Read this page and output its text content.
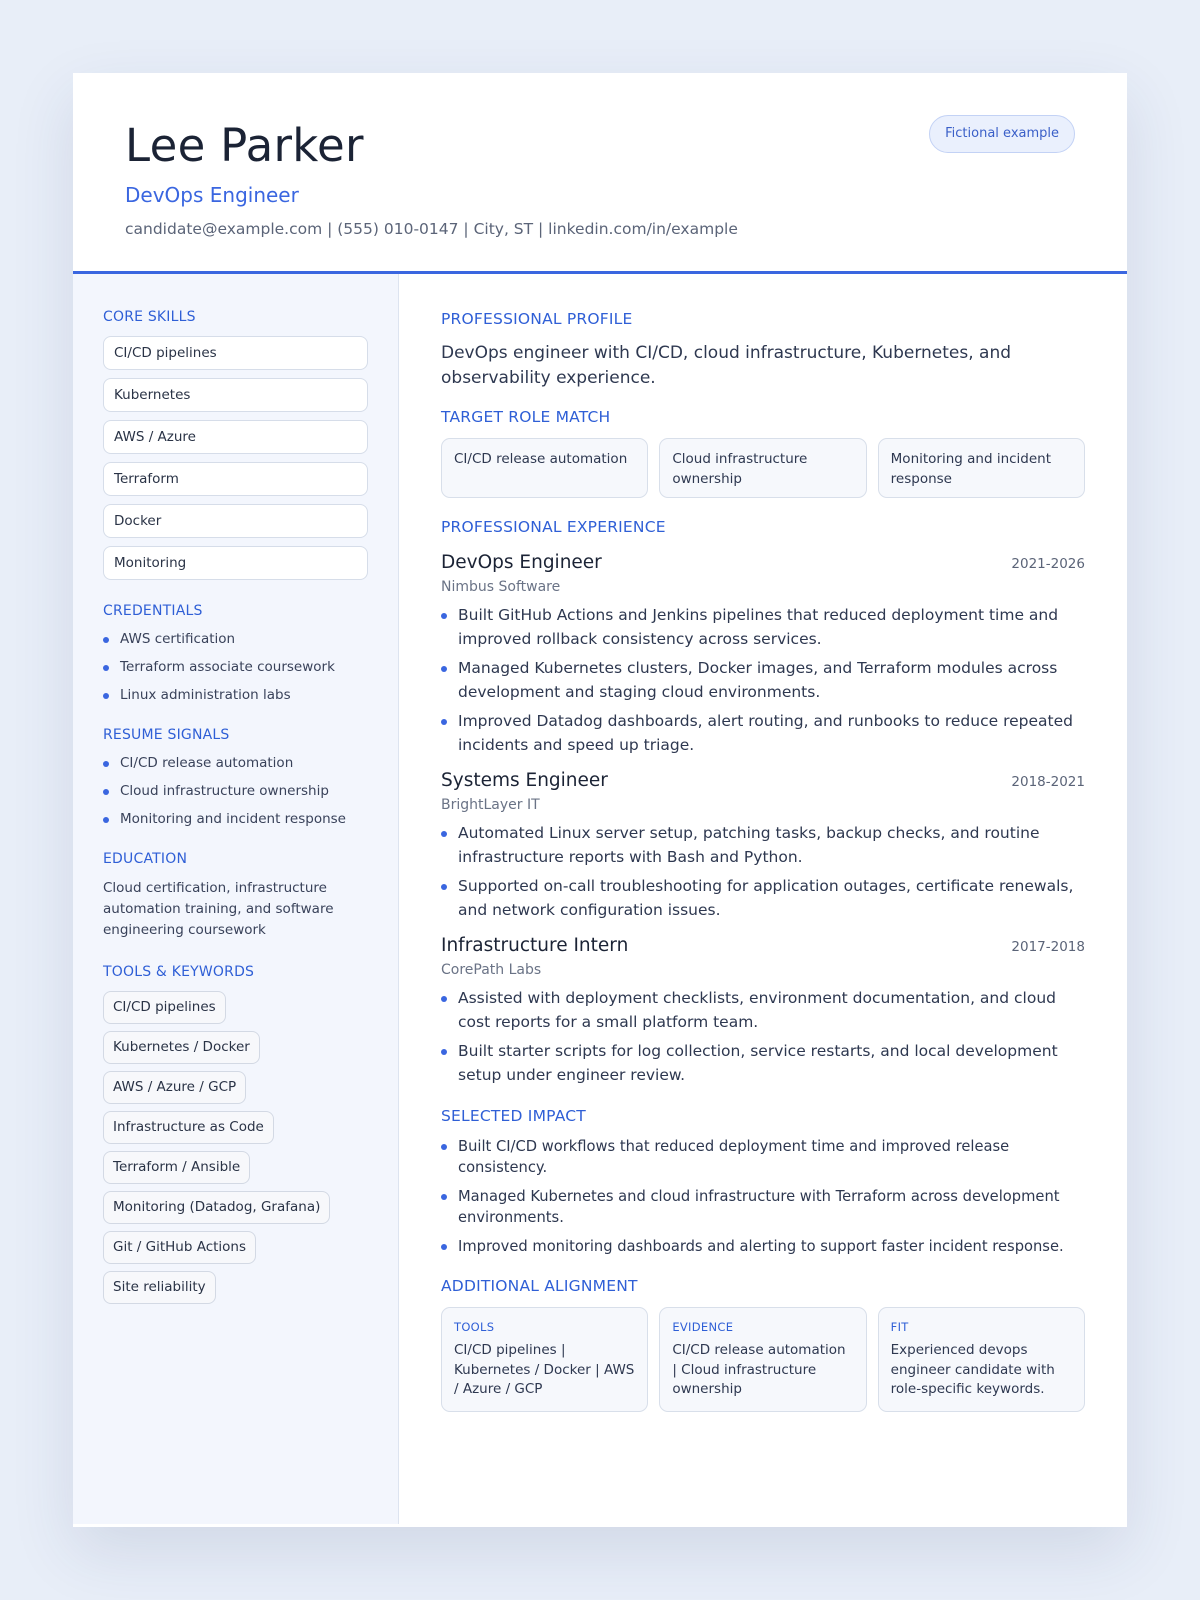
Lee Parker
DevOps Engineer
candidate@example.com | (555) 010-0147 | City, ST | linkedin.com/in/example
Fictional example
CORE SKILLS
CI/CD pipelines
Kubernetes
AWS / Azure
Terraform
Docker
Monitoring
CREDENTIALS
AWS certification
Terraform associate coursework
Linux administration labs
RESUME SIGNALS
CI/CD release automation
Cloud infrastructure ownership
Monitoring and incident response
EDUCATION
Cloud certification, infrastructure automation training, and software engineering coursework
TOOLS & KEYWORDS
CI/CD pipelines
Kubernetes / Docker
AWS / Azure / GCP
Infrastructure as Code
Terraform / Ansible
Monitoring (Datadog, Grafana)
Git / GitHub Actions
Site reliability
PROFESSIONAL PROFILE

DevOps engineer with CI/CD, cloud infrastructure, Kubernetes, and observability experience.

TARGET ROLE MATCH
CI/CD release automation	Cloud infrastructure ownership
Monitoring and incident response
PROFESSIONAL EXPERIENCE
DevOps Engineer	2021-2026
Nimbus Software
Built GitHub Actions and Jenkins pipelines that reduced deployment time and improved rollback consistency across services.
Managed Kubernetes clusters, Docker images, and Terraform modules across development and staging cloud environments.
Improved Datadog dashboards, alert routing, and runbooks to reduce repeated incidents and speed up triage.
Systems Engineer	2018-2021
BrightLayer IT
Automated Linux server setup, patching tasks, backup checks, and routine infrastructure reports with Bash and Python.
Supported on-call troubleshooting for application outages, certificate renewals, and network configuration issues.
Infrastructure Intern	2017-2018
CorePath Labs
Assisted with deployment checklists, environment documentation, and cloud cost reports for a small platform team.
Built starter scripts for log collection, service restarts, and local development setup under engineer review.
SELECTED IMPACT
Built CI/CD workflows that reduced deployment time and improved release consistency.
Managed Kubernetes and cloud infrastructure with Terraform across development environments.
Improved monitoring dashboards and alerting to support faster incident response.
ADDITIONAL ALIGNMENT
TOOLS
CI/CD pipelines | Kubernetes / Docker | AWS / Azure / GCP
EVIDENCE
CI/CD release automation | Cloud infrastructure ownership
FIT
Experienced devops engineer candidate with role-specific keywords.
